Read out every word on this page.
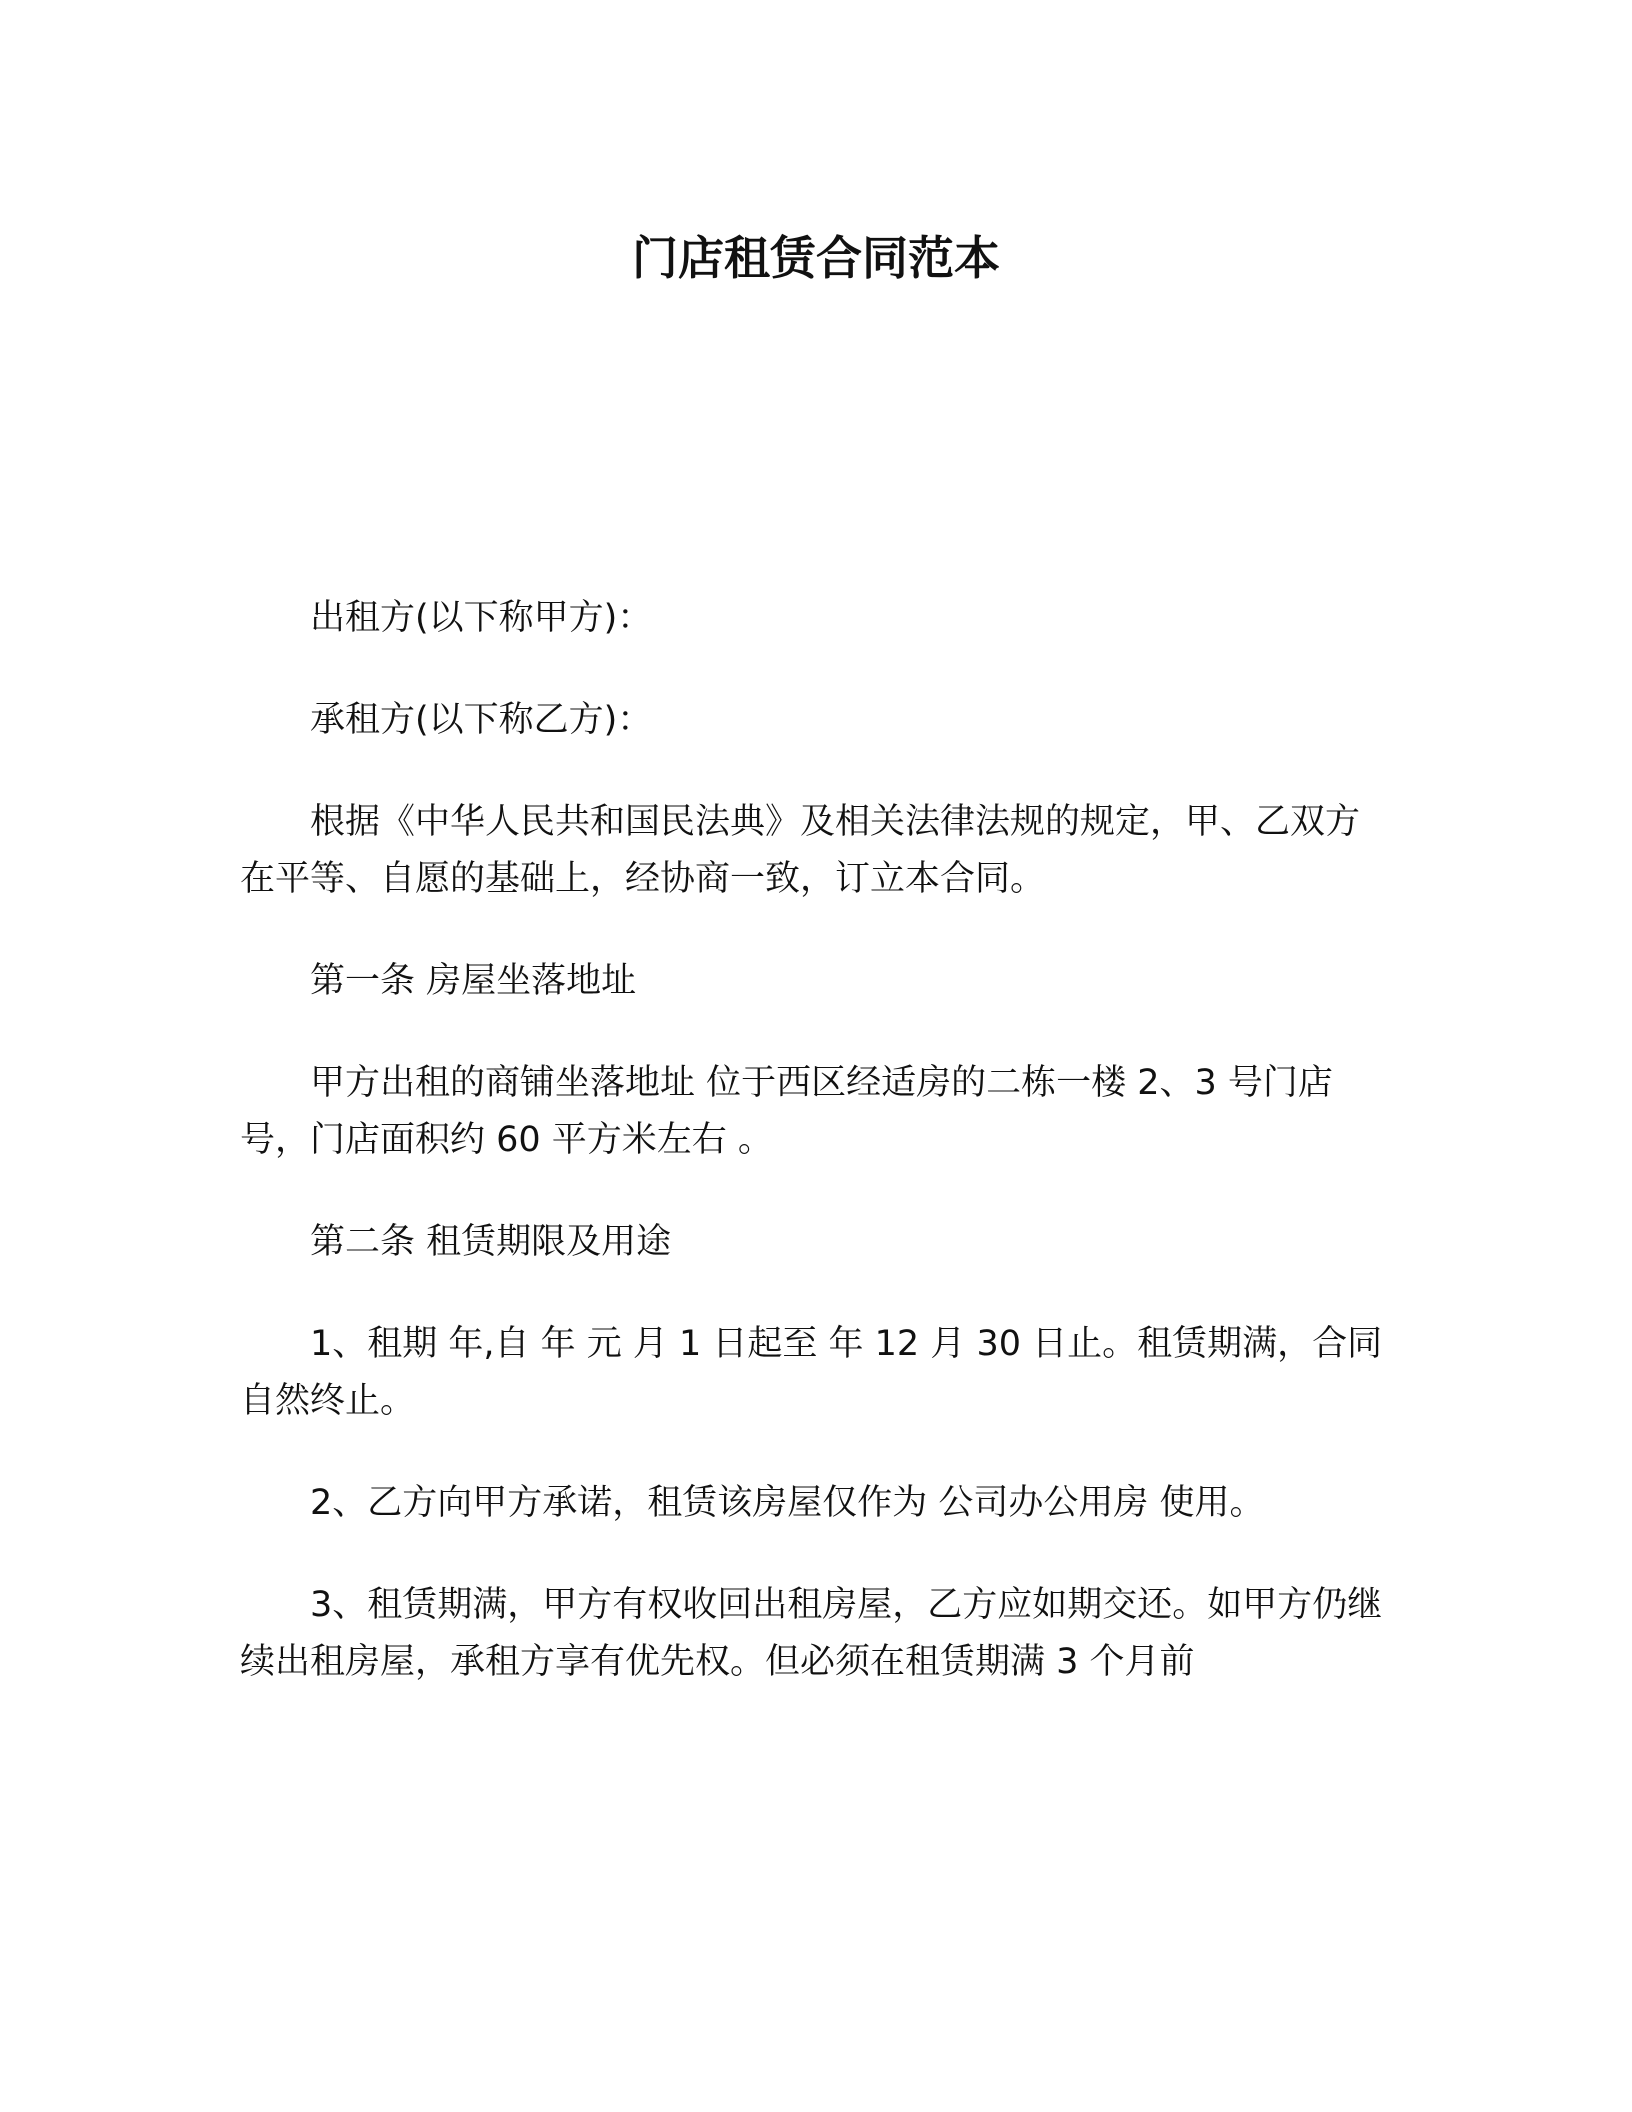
门店租赁合同范本

出租方(以下称甲方)：

承租方(以下称乙方)：

根据《中华人民共和国民法典》及相关法律法规的规定，甲、乙双方在平等、自愿的基础上，经协商一致，订立本合同。

第一条 房屋坐落地址

甲方出租的商铺坐落地址 位于西区经适房的二栋一楼 2、3 号门店 号，门店面积约 60 平方米左右 。

第二条 租赁期限及用途

1、租期 年,自 年 元 月 1 日起至 年 12 月 30 日止。租赁期满，合同自然终止。

2、乙方向甲方承诺，租赁该房屋仅作为 公司办公用房 使用。

3、租赁期满，甲方有权收回出租房屋，乙方应如期交还。如甲方仍继续出租房屋，承租方享有优先权。但必须在租赁期满 3 个月前
